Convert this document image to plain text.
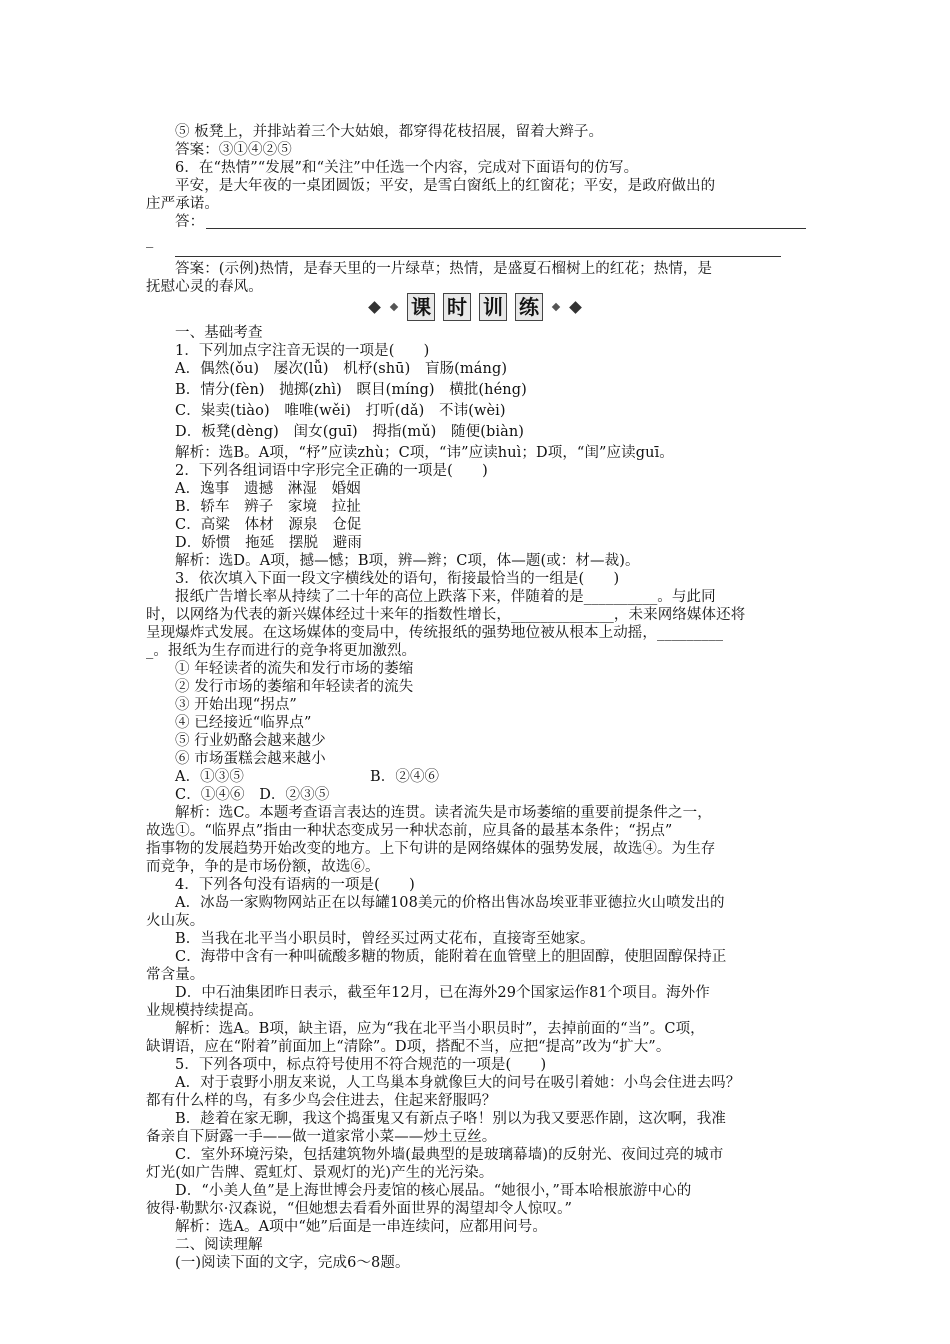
⑤ 板凳上，并排站着三个大姑娘，都穿得花枝招展，留着大辫子。
答案：③①④②⑤
6．在“热情”“发展”和“关注”中任选一个内容，完成对下面语句的仿写。
平安，是大年夜的一桌团圆饭；平安，是雪白窗纸上的红窗花；平安，是政府做出的
庄严承诺。
答：
_
答案：(示例)热情，是春天里的一片绿草；热情，是盛夏石榴树上的红花；热情，是
抚慰心灵的春风。
课 时 训 练
一、基础考查
1．下列加点字注音无误的一项是(　　)
A．偶然(ǒu)　屡次(lǚ)　机杼(shū)　盲肠(máng)
B．情分(fèn)　抛掷(zhì)　瞑目(míng)　横批(héng)
C．粜卖(tiào)　唯唯(wěi)　打听(dǎ)　不讳(wèi)
D．板凳(dèng)　闺女(guī)　拇指(mǔ)　随便(biàn)
解析：选B。A项，“杼”应读zhù；C项，“讳”应读huì；D项，“闺”应读guī。
2．下列各组词语中字形完全正确的一项是(　　)
A．逸事　遗撼　淋湿　婚姻
B．轿车　辨子　家境　拉扯
C．高粱　体材　源泉　仓促
D．娇惯　拖延　摆脱　避雨
解析：选D。A项，撼—憾；B项，辨—辫；C项，体—题(或：材—裁)。
3．依次填入下面一段文字横线处的语句，衔接最恰当的一组是(　　)
报纸广告增长率从持续了二十年的高位上跌落下来，伴随着的是__________。与此同
时，以网络为代表的新兴媒体经过十来年的指数性增长，______________，未来网络媒体还将
呈现爆炸式发展。在这场媒体的变局中，传统报纸的强势地位被从根本上动摇，_________
_。报纸为生存而进行的竞争将更加激烈。
① 年轻读者的流失和发行市场的萎缩
② 发行市场的萎缩和年轻读者的流失
③ 开始出现“拐点”
④ 已经接近“临界点”
⑤ 行业奶酪会越来越少
⑥ 市场蛋糕会越来越小
A．①③⑤	B．②④⑥
C．①④⑥　D．②③⑤
解析：选C。本题考查语言表达的连贯。读者流失是市场萎缩的重要前提条件之一，
故选①。“临界点”指由一种状态变成另一种状态前，应具备的最基本条件；“拐点”
指事物的发展趋势开始改变的地方。上下句讲的是网络媒体的强势发展，故选④。为生存
而竞争，争的是市场份额，故选⑥。
4．下列各句没有语病的一项是(　　)
A．冰岛一家购物网站正在以每罐108美元的价格出售冰岛埃亚菲亚德拉火山喷发出的
火山灰。
B．当我在北平当小职员时，曾经买过两丈花布，直接寄至她家。
C．海带中含有一种叫硫酸多糖的物质，能附着在血管壁上的胆固醇，使胆固醇保持正
常含量。
D．中石油集团昨日表示，截至年12月，已在海外29个国家运作81个项目。海外作
业规模持续提高。
解析：选A。B项，缺主语，应为“我在北平当小职员时”，去掉前面的“当”。C项，
缺谓语，应在“附着”前面加上“清除”。D项，搭配不当，应把“提高”改为“扩大”。
5．下列各项中，标点符号使用不符合规范的一项是(　　)
A．对于袁野小朋友来说，人工鸟巢本身就像巨大的问号在吸引着她：小鸟会住进去吗？
都有什么样的鸟，有多少鸟会住进去，住起来舒服吗？
B．趁着在家无聊，我这个捣蛋鬼又有新点子咯！别以为我又要恶作剧，这次啊，我准
备亲自下厨露一手——做一道家常小菜——炒土豆丝。
C．室外环境污染，包括建筑物外墙(最典型的是玻璃幕墙)的反射光、夜间过亮的城市
灯光(如广告牌、霓虹灯、景观灯的光)产生的光污染。
D．“小美人鱼”是上海世博会丹麦馆的核心展品。“她很小，”哥本哈根旅游中心的
彼得·勒默尔·汉森说，“但她想去看看外面世界的渴望却令人惊叹。”
解析：选A。A项中“她”后面是一串连续问，应都用问号。
二、阅读理解
(一)阅读下面的文字，完成6～8题。
